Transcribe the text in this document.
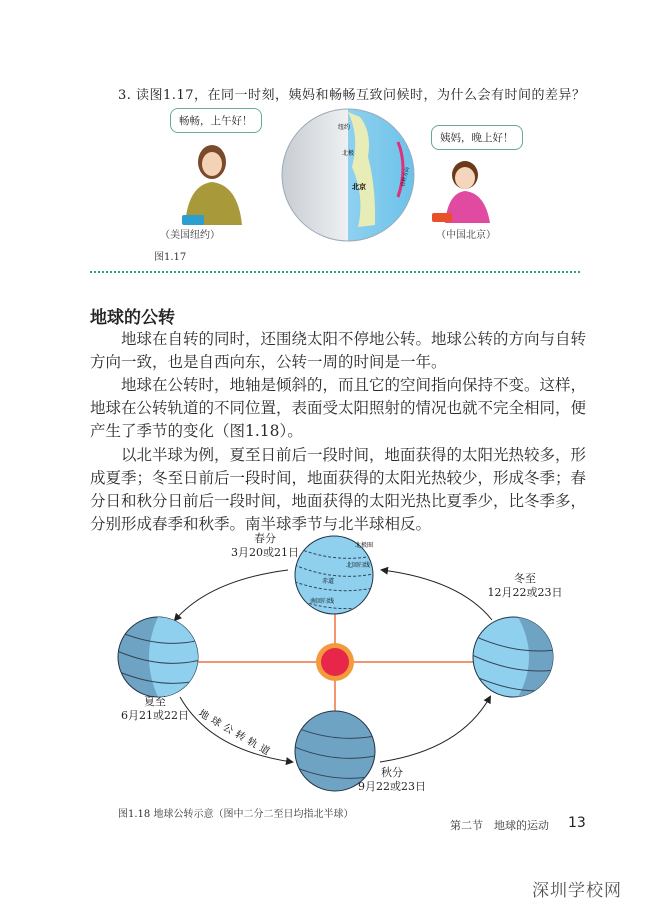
3. 读图1.17，在同一时刻，姨妈和畅畅互致问候时，为什么会有时间的差异？
畅畅，上午好！
（美国纽约）
纽约
北极
北京	自转方向
姨妈，晚上好！
（中国北京）
图1.17
地球的公转
地球在自转的同时，还围绕太阳不停地公转。地球公转的方向与自转方向一致，也是自西向东，公转一周的时间是一年。
地球在公转时，地轴是倾斜的，而且它的空间指向保持不变。这样，地球在公转轨道的不同位置，表面受太阳照射的情况也就不完全相同，便产生了季节的变化（图1.18）。
以北半球为例，夏至日前后一段时间，地面获得的太阳光热较多，形成夏季；冬至日前后一段时间，地面获得的太阳光热较少，形成冬季；春分日和秋分日前后一段时间，地面获得的太阳光热比夏季少，比冬季多，分别形成春季和秋季。南半球季节与北半球相反。
北极圈
北回归线
赤道
南回归线
地球公转轨道
春分
3月20或21日
夏至
6月21或22日
秋分
9月22或23日
冬至
12月22或23日
图1.18 地球公转示意（图中二分二至日均指北半球）
第二节　地球的运动 13
深圳学校网
